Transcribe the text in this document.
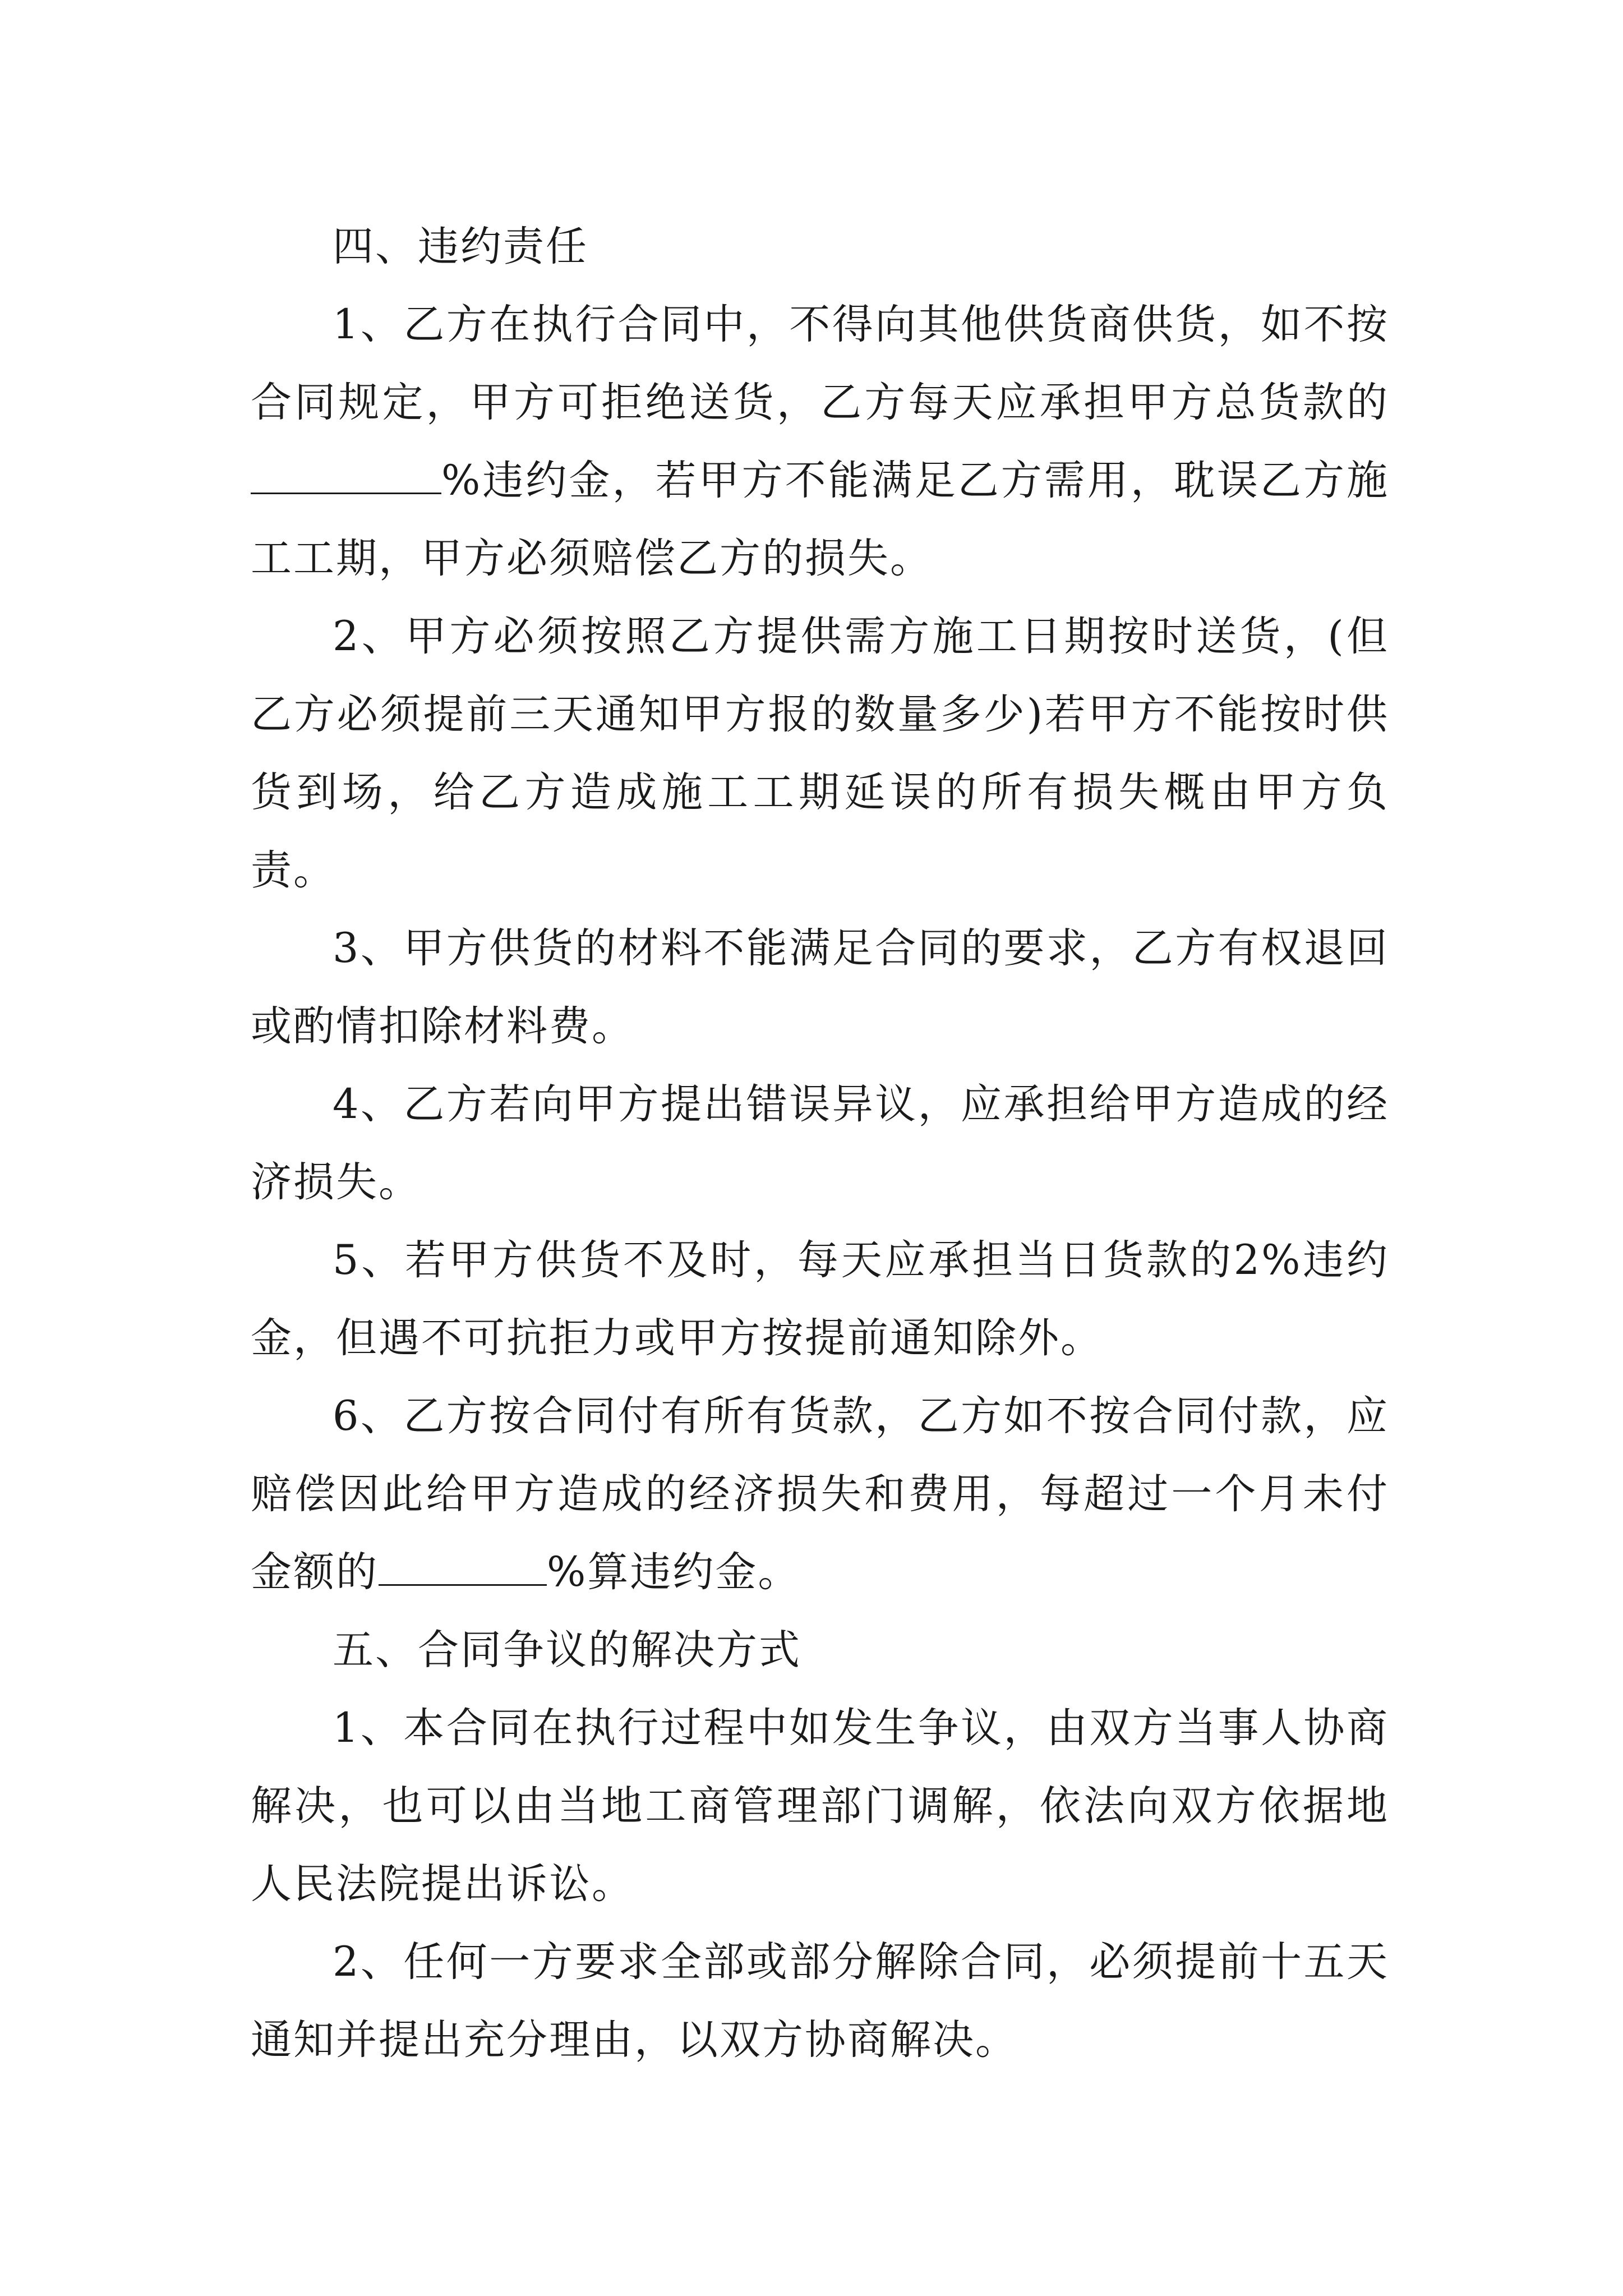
四、违约责任

1、乙方在执行合同中，不得向其他供货商供货，如不按合同规定，甲方可拒绝送货，乙方每天应承担甲方总货款的%违约金，若甲方不能满足乙方需用，耽误乙方施工工期，甲方必须赔偿乙方的损失。

2、甲方必须按照乙方提供需方施工日期按时送货，(但乙方必须提前三天通知甲方报的数量多少)若甲方不能按时供货到场，给乙方造成施工工期延误的所有损失概由甲方负责。

3、甲方供货的材料不能满足合同的要求，乙方有权退回或酌情扣除材料费。

4、乙方若向甲方提出错误异议，应承担给甲方造成的经济损失。

5、若甲方供货不及时，每天应承担当日货款的2%违约金，但遇不可抗拒力或甲方按提前通知除外。

6、乙方按合同付有所有货款，乙方如不按合同付款，应赔偿因此给甲方造成的经济损失和费用，每超过一个月未付金额的	%算违约金。

五、合同争议的解决方式

1、本合同在执行过程中如发生争议，由双方当事人协商解决，也可以由当地工商管理部门调解，依法向双方依据地人民法院提出诉讼。

2、任何一方要求全部或部分解除合同，必须提前十五天通知并提出充分理由，以双方协商解决。
